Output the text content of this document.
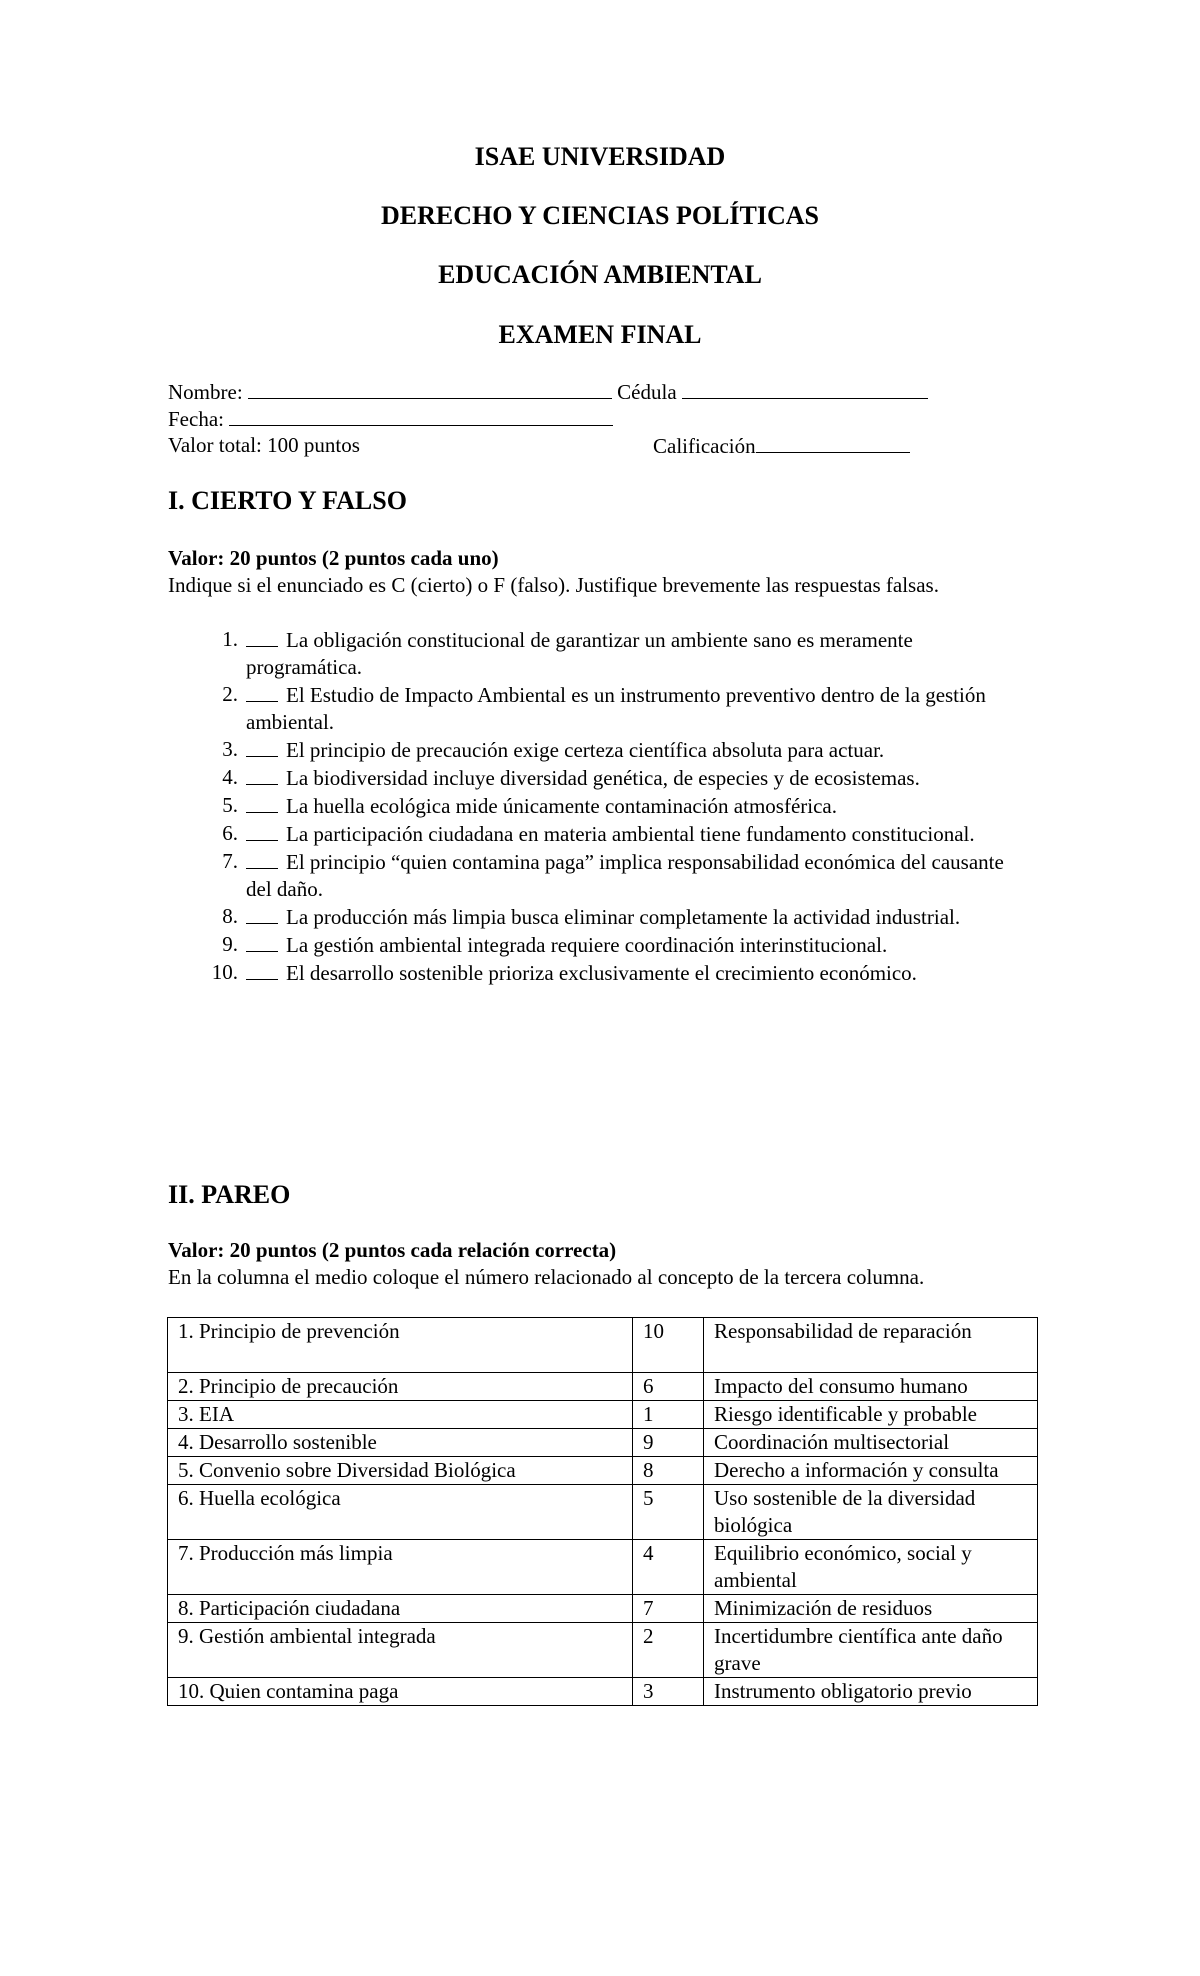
ISAE UNIVERSIDAD
DERECHO Y CIENCIAS POLÍTICAS
EDUCACIÓN AMBIENTAL
EXAMEN FINAL
Nombre:	Cédula
Fecha:
Valor total: 100 puntos	Calificación
I. CIERTO Y FALSO
Valor: 20 puntos (2 puntos cada uno)
Indique si el enunciado es C (cierto) o F (falso). Justifique brevemente las respuestas falsas.
1.	La obligación constitucional de garantizar un ambiente sano es meramente programática.
2.	El Estudio de Impacto Ambiental es un instrumento preventivo dentro de la gestión ambiental.
3.	El principio de precaución exige certeza científica absoluta para actuar.
4.	La biodiversidad incluye diversidad genética, de especies y de ecosistemas.
5.	La huella ecológica mide únicamente contaminación atmosférica.
6.	La participación ciudadana en materia ambiental tiene fundamento constitucional.
7.	El principio “quien contamina paga” implica responsabilidad económica del causante del daño.
8.	La producción más limpia busca eliminar completamente la actividad industrial.
9.	La gestión ambiental integrada requiere coordinación interinstitucional.
10.	El desarrollo sostenible prioriza exclusivamente el crecimiento económico.
II. PAREO
Valor: 20 puntos (2 puntos cada relación correcta)
En la columna el medio coloque el número relacionado al concepto de la tercera columna.
1. Principio de prevención	10	Responsabilidad de reparación
2. Principio de precaución	6	Impacto del consumo humano
3. EIA	1	Riesgo identificable y probable
4. Desarrollo sostenible	9	Coordinación multisectorial
5. Convenio sobre Diversidad Biológica	8	Derecho a información y consulta
6. Huella ecológica	5	Uso sostenible de la diversidad biológica
7. Producción más limpia	4	Equilibrio económico, social y ambiental
8. Participación ciudadana	7	Minimización de residuos
9. Gestión ambiental integrada	2	Incertidumbre científica ante daño grave
10. Quien contamina paga	3	Instrumento obligatorio previo
